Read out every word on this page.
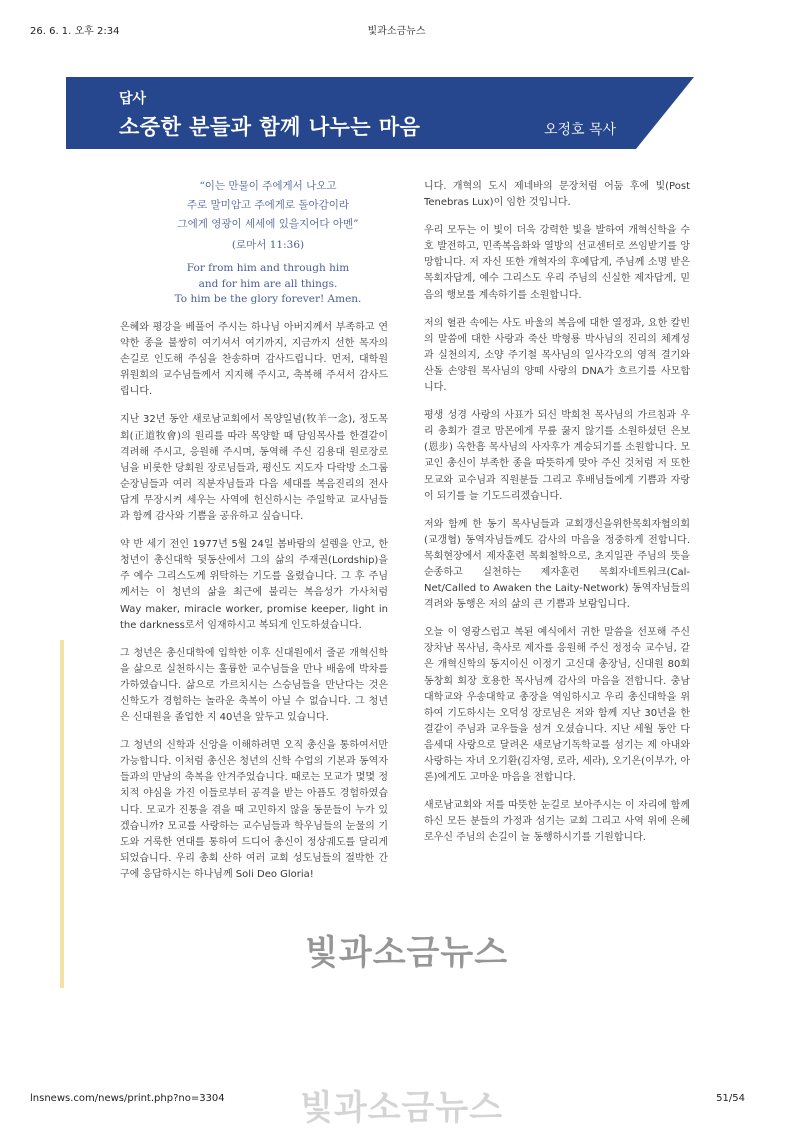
26. 6. 1. 오후 2:34	빛과소금뉴스
답사
소중한 분들과 함께 나누는 마음	오정호 목사
“이는 만물이 주에게서 나오고
주로 말미암고 주에게로 돌아감이라
그에게 영광이 세세에 있을지어다 아멘”
(로마서 11:36)
For from him and through him
and for him are all things.
To him be the glory forever! Amen.

은혜와 평강을 베풀어 주시는 하나님 아버지께서 부족하고 연약한 종을 불쌍히 여기셔서 여기까지, 지금까지 선한 목자의 손길로 인도해 주심을 찬송하며 감사드립니다. 먼저, 대학원 위원회의 교수님들께서 지지해 주시고, 축복해 주셔서 감사드립니다.

지난 32년 동안 새로남교회에서 목양일념(牧羊一念), 정도목회(正道牧會)의 원리를 따라 목양할 때 담임목사를 한결같이 격려해 주시고, 응원해 주시며, 동역해 주신 김용대 원로장로님을 비롯한 당회원 장로님들과, 평신도 지도자 다락방 소그룹 순장님들과 여러 직분자님들과 다음 세대를 복음진리의 전사답게 무장시켜 세우는 사역에 헌신하시는 주일학교 교사님들과 함께 감사와 기쁨을 공유하고 싶습니다.

약 반 세기 전인 1977년 5월 24일 봄바람의 설렘을 안고, 한 청년이 총신대학 뒷동산에서 그의 삶의 주재권(Lordship)을 주 예수 그리스도께 위탁하는 기도를 올렸습니다. 그 후 주님께서는 이 청년의 삶을 최근에 불리는 복음성가 가사처럼 Way maker, miracle worker, promise keeper, light in the darkness로서 임재하시고 복되게 인도하셨습니다.

그 청년은 총신대학에 입학한 이후 신대원에서 줄곧 개혁신학을 삶으로 실천하시는 훌륭한 교수님들을 만나 배움에 박차를 가하였습니다. 삶으로 가르치시는 스승님들을 만난다는 것은 신학도가 경험하는 놀라운 축복이 아닐 수 없습니다. 그 청년은 신대원을 졸업한 지 40년을 앞두고 있습니다.

그 청년의 신학과 신앙을 이해하려면 오직 총신을 통하여서만 가능합니다. 이처럼 총신은 청년의 신학 수업의 기본과 동역자들과의 만남의 축복을 안겨주었습니다. 때로는 모교가 몇몇 정치적 야심을 가진 이들로부터 공격을 받는 아픔도 경험하였습니다. 모교가 진통을 겪을 때 고민하지 않을 동문들이 누가 있겠습니까? 모교를 사랑하는 교수님들과 학우님들의 눈물의 기도와 거룩한 연대를 통하여 드디어 총신이 정상궤도를 달리게 되었습니다. 우리 총회 산하 여러 교회 성도님들의 절박한 간구에 응답하시는 하나님께 Soli Deo Gloria!

니다. 개혁의 도시 제네바의 문장처럼 어둠 후에 빛(Post Tenebras Lux)이 임한 것입니다.

우리 모두는 이 빛이 더욱 강력한 빛을 발하여 개혁신학을 수호 발전하고, 민족복음화와 열방의 선교센터로 쓰임받기를 앙망합니다. 저 자신 또한 개혁자의 후예답게, 주님께 소명 받은 목회자답게, 예수 그리스도 우리 주님의 신실한 제자답게, 믿음의 행보를 계속하기를 소원합니다.

저의 혈관 속에는 사도 바울의 복음에 대한 열정과, 요한 칼빈의 말씀에 대한 사랑과 죽산 박형룡 박사님의 진리의 체계성과 실천의지, 소양 주기철 목사님의 일사각오의 영적 결기와 산돌 손양원 목사님의 양떼 사랑의 DNA가 흐르기를 사모합니다.

평생 성경 사랑의 사표가 되신 박희천 목사님의 가르침과 우리 총회가 결코 맘몬에게 무릎 꿇지 않기를 소원하셨던 은보(恩步) 옥한흠 목사님의 사자후가 계승되기를 소원합니다. 모교인 총신이 부족한 종을 따뜻하게 맞아 주신 것처럼 저 또한 모교와 교수님과 직원분들 그리고 후배님들에게 기쁨과 자랑이 되기를 늘 기도드리겠습니다.

저와 함께 한 동기 목사님들과 교회갱신을위한목회자협의회(교갱협) 동역자님들께도 감사의 마음을 정중하게 전합니다. 목회현장에서 제자훈련 목회철학으로, 초지일관 주님의 뜻을 순종하고 실천하는 제자훈련 목회자네트워크(Cal-Net/Called to Awaken the Laity-Network) 동역자님들의 격려와 동행은 저의 삶의 큰 기쁨과 보람입니다.

오늘 이 영광스럽고 복된 예식에서 귀한 말씀을 선포해 주신 장차남 목사님, 축사로 제자를 응원해 주신 정정숙 교수님, 같은 개혁신학의 동지이신 이정기 고신대 총장님, 신대원 80회 동창회 회장 호용한 목사님께 감사의 마음을 전합니다. 충남대학교와 우송대학교 총장을 역임하시고 우리 총신대학을 위하여 기도하시는 오덕성 장로님은 저와 함께 지난 30년을 한결같이 주님과 교우들을 섬겨 오셨습니다. 지난 세월 동안 다음세대 사랑으로 달려온 새로남기독학교를 섬기는 제 아내와 사랑하는 자녀 오기환(김자영, 로라, 세라), 오기은(이부가, 아론)에게도 고마운 마음을 전합니다.

새로남교회와 저를 따뜻한 눈길로 보아주시는 이 자리에 함께 하신 모든 분들의 가정과 섬기는 교회 그리고 사역 위에 은혜로우신 주님의 손길이 늘 동행하시기를 기원합니다.

빛과소금뉴스
빛과소금뉴스
lnsnews.com/news/print.php?no=3304	51/54
